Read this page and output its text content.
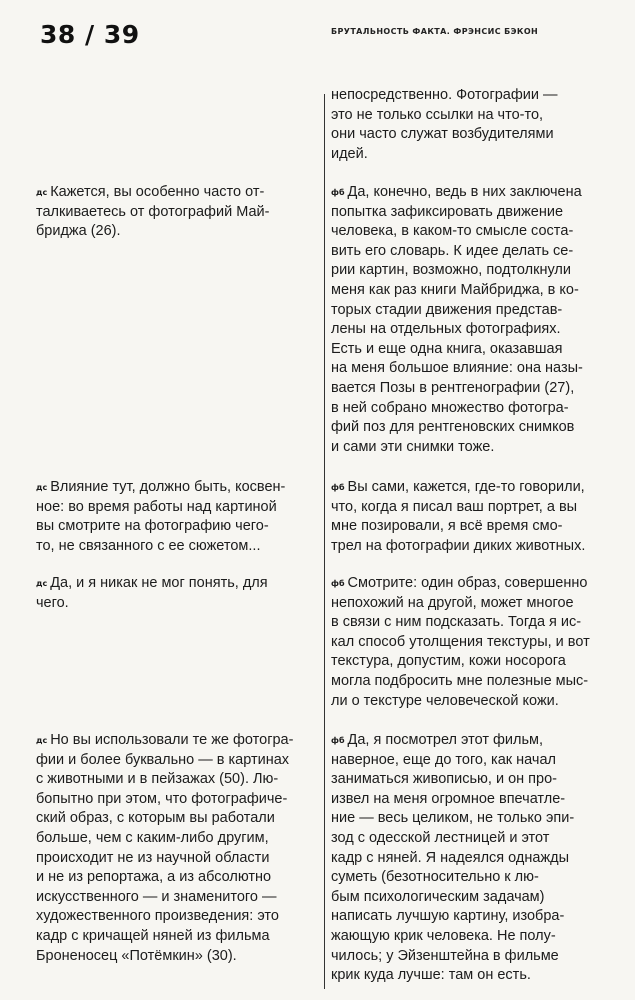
38 / 39	БРУТАЛЬНОСТЬ ФАКТА. ФРЭНСИС БЭКОН
непосредственно. Фотографии —
это не только ссылки на что-то,
они часто служат возбудителями
идей.
дс Кажется, вы особенно часто от-
талкиваетесь от фотографий Май-
бриджа (26).
фб Да, конечно, ведь в них заключена
попытка зафиксировать движение
человека, в каком-то смысле состa-
вить его словарь. К идее делать се-
рии картин, возможно, подтолкнули
меня как раз книги Майбриджа, в ко-
торых стадии движения представ-
лены на отдельных фотографиях.
Есть и еще одна книга, оказавшая
на меня большое влияние: она назы-
вается Позы в рентгенографии (27),
в ней собрано множество фотогра-
фий поз для рентгеновских снимков
и сами эти снимки тоже.
дс Влияние тут, должно быть, косвен-
ное: во время работы над картиной
вы смотрите на фотографию чего-
то, не связанного с ее сюжетом...
фб Вы сами, кажется, где-то говорили,
что, когда я писал ваш портрет, а вы
мне позировали, я всё время смо-
трел на фотографии диких животных.
дс Да, и я никак не мог понять, для
чего.
фб Смотрите: один образ, совершенно
непохожий на другой, может многое
в связи с ним подсказать. Тогда я ис-
кал способ утолщения текстуры, и вот
текстура, допустим, кожи носорога
могла подбросить мне полезные мыс-
ли о текстуре человеческой кожи.
дс Но вы использовали те же фотогра-
фии и более буквально — в картинах
с животными и в пейзажах (50). Лю-
бопытно при этом, что фотографиче-
ский образ, с которым вы работали
больше, чем с каким-либо другим,
происходит не из научной области
и не из репортажа, а из абсолютно
искусственного — и знаменитого —
художественного произведения: это
кадр с кричащей няней из фильма
Броненосец «Потёмкин» (30).
фб Да, я посмотрел этот фильм,
наверное, еще до того, как начал
заниматься живописью, и он про-
извел на меня огромное впечатле-
ние — весь целиком, не только эпи-
зод с одесской лестницей и этот
кадр с няней. Я надеялся однажды
суметь (безотносительно к лю-
бым психологическим задачам)
написать лучшую картину, изобра-
жающую крик человека. Не полу-
чилось; у Эйзенштейна в фильме
крик куда лучше: там он есть.
